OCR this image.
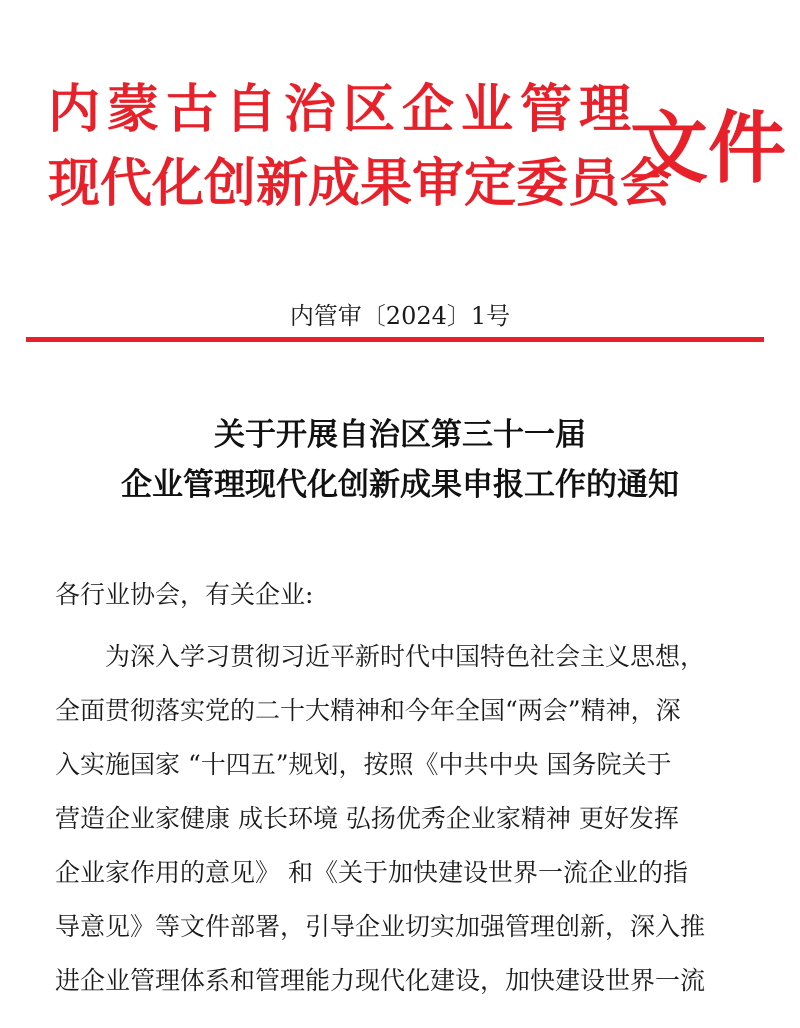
内蒙古自治区企业管理
现代化创新成果审定委员会
文件
内管审〔2024〕1号
关于开展自治区第三十一届
企业管理现代化创新成果申报工作的通知
各行业协会，有关企业:
为深入学习贯彻习近平新时代中国特色社会主义思想，
全面贯彻落实党的二十大精神和今年全国“两会”精神，深
入实施国家 “十四五”规划，按照《中共中央 国务院关于
营造企业家健康 成长环境 弘扬优秀企业家精神 更好发挥
企业家作用的意见》 和《关于加快建设世界一流企业的指
导意见》等文件部署，引导企业切实加强管理创新，深入推
进企业管理体系和管理能力现代化建设，加快建设世界一流
